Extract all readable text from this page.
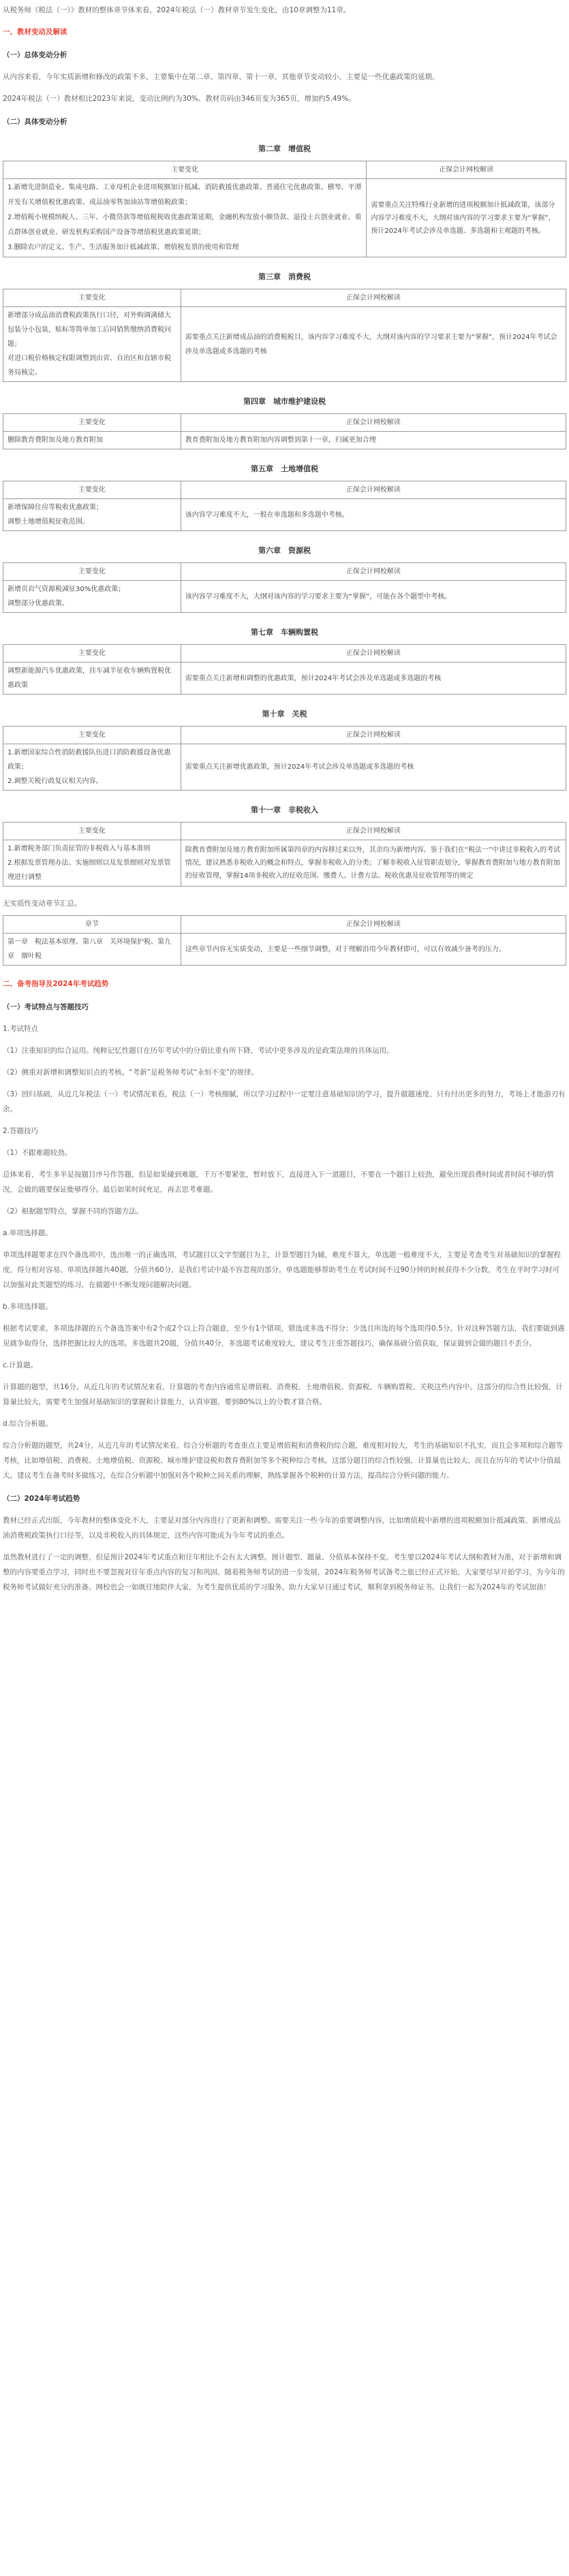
从税务师《税法（一）》教材的整体章节体来看，2024年税法（一）教材章节发生变化，由10章调整为11章。

一、教材变动及解读

（一）总体变动分析

从内容来看，今年实质新增和修改的政策不多，主要集中在第二章、第四章、第十一章，其他章节变动较小，主要是一些优惠政策的延期。

2024年税法（一）教材相比2023年来说，变动比例约为30%。教材页码由346页变为365页，增加约5.49%。

（二）具体变动分析

第二章　增值税
主要变化	正保会计网校解读
1.新增先进制造业、集成电路、工业母机企业进项税额加计抵减、消防救援优惠政策、普通住宅优惠政策、横琴、平潭开发有关增值税优惠政策、成品油零售加油站等增值税政策；
2.增值税小规模纳税人、三年、小微贷款等增值税税收优惠政策延期，金融机构发放小额贷款、退役士兵创业就业、重点群体创业就业、研发机构采购国产设备等增值税优惠政策延期；
3.删除农户的定义、生产、生活服务加计抵减政策、增值税发票的使用和管理	需要重点关注特殊行业新增的进项税额加计抵减政策，该部分内容学习难度不大，大纲对该内容的学习要求主要为“掌握”，预计2024年考试会涉及单选题、多选题和主观题的考核。
第三章　消费税
主要变化	正保会计网校解读
新增部分成品油消费税政策执行口径，对外购调满储大包装分小包装，贴标等简单加工后同销售缴纳消费税问题；
对进口税价格核定权限调整到由省、自治区和直辖市税务局核定。	需要重点关注新增成品油的消费税税目，该内容学习难度不大，大纲对该内容的学习要求主要为“掌握”，预计2024年考试会涉及单选题或多选题的考核
第四章　城市维护建设税
主要变化	正保会计网校解读
删除教育费附加及地方教育附加	教育费附加及地方教育附加内容调整到第十一章，归属更加合理
第五章　土地增值税
主要变化	正保会计网校解读
新增保障住房等税收优惠政策；
调整土地增值税征收范围。	该内容学习难度不大，一般在单选题和多选题中考核。
第六章　资源税
主要变化	正保会计网校解读
新增页岩气资源税减征30%优惠政策；
调整部分优惠政策。	该内容学习难度不大，大纲对该内容的学习要求主要为“掌握”，可能在各个题型中考核。
第七章　车辆购置税
主要变化	正保会计网校解读
调整新能源汽车优惠政策，挂车减半征收车辆购置税优惠政策	需要重点关注新增和调整的优惠政策，预计2024年考试会涉及单选题或多选题的考核
第十章　关税
主要变化	正保会计网校解读
1.新增国家综合性消防救援队伍进口消防救援设备优惠政策；
2.调整关税行政复议相关内容。	需要重点关注新增优惠政策，预计2024年考试会涉及单选题或多选题的考核
第十一章　非税收入
主要变化	正保会计网校解读
1.新增税务部门负责征管的非税收入与基本准则
2.根据发票管理办法、实施细则以及发票细则对发票管理进行调整	除教育费附加及地方教育附加所属第四章的内容移过来以外，其余均为新增内容。鉴于我们在“税法一”中讲过非税收入的考试情况，建议熟悉非税收入的概念和特点，掌握非税收入的分类；了解非税收入征管职责划分，掌握教育费附加与地方教育附加的征收管理，掌握14项非税收入的征收范围、缴费人、计费方法、税收优惠及征收管理等的规定

无实质性变动章节汇总。

章节	正保会计网校解读
第一章　税法基本原理、第八章　关环境保护税、第九章　烟叶税	这些章节内容无实质变动，主要是一些细节调整，对于理解沿用今年教材即可，可以有效减少备考的压力。

二、备考指导及2024年考试趋势

（一）考试特点与答题技巧

1.考试特点

（1）注重知识的综合运用。纯粹记忆性题目在历年考试中的分值比重有所下降，考试中更多涉及的是政策法规的具体运用。

（2）侧重对新增和调整知识点的考核。“考新”是税务师考试“永恒不变”的规律。

（3）回归基础，从近几年税法（一）考试情况来看，税法（一）考核细腻，所以学习过程中一定要注意基础知识的学习，提升做题速度，只有付出更多的努力，考场上才能游刃有余。

2.答题技巧

（1）不跟难题较劲。

总体来看，考生多半是按题目序号作答题，但是如果碰到难题，千万不要紧张，暂时放下，直接进入下一道题目，不要在一个题目上较劲，避免出现浪费时间或者时间不够的情况，会做的题要保证能够得分。最后如果时间充足，再去思考难题。

（2）根据题型特点，掌握不同的答题方法。

a.单项选择题。

单项选择题要求在四个备选项中，选出唯一的正确选项，考试题目以文字型题目为主，计算型题目为辅，难度不算大，单选题一般难度不大，主要是考查考生对基础知识的掌握程度，得分相对容易。单项选择题共40题，分值共60分，是我们考试中最不容忽视的部分。单选题能够帮助考生在考试时间不过90分钟的时候获得不少分数，考生在平时学习时可以加强对此类题型的练习，在做题中不断发现问题解决问题。

b.多项选择题。

根据考试要求，多项选择题的五个备选答案中有2个或2个以上符合题意，至少有1个错项，错选或多选不得分；少选且所选的每个选项得0.5分。针对这种答题方法，我们要做到遇见就争取得分，选择把握比较大的选项。多选题共20题，分值共40分，多选题考试难度较大，建议考生注重答题技巧，确保基础分值获取，保证做到会做的题目不丢分。

c.计算题。

计算题的题型，共16分。从近几年的考试情况来看，计算题的考查内容通常是增值税、消费税、土地增值税、资源税、车辆购置税、关税这些内容中。这部分的综合性比较强，计算量比较大，需要考生加强对基础知识的掌握和计算能力，认真审题，要到80%以上的分数才算合格。

d.综合分析题。

综合分析题的题型，共24分。从近几年的考试情况来看，综合分析题的考查重点主要是增值税和消费税的综合题，难度相对较大，考生的基础知识不扎实，而且会多项和综合题等考核，比如增值税、消费税、土地增值税、资源税、城市维护建设税和教育费附加等多个税种综合考核。这部分题目的综合性较强，计算量也比较大，而且在历年的考试中分值最大。建议考生在备考时多做练习，在综合分析题中加强对各个税种之间关系的理解，熟练掌握各个税种的计算方法，提高综合分析问题的能力。

（二）2024年考试趋势

教材已经正式出版，今年教材的整体变化不大，主要是对部分内容进行了更新和调整。需要关注一些今年的重要调整内容，比如增值税中新增的进项税额加计抵减政策、新增成品油消费税政策执行口径等，以及非税收入的具体规定，这些内容可能成为今年考试的重点。

虽然教材进行了一定的调整，但是预计2024年考试重点和往年相比不会有太大调整。预计题型、题量、分值基本保持不变。考生要以2024年考试大纲和教材为准，对于新增和调整的内容要重点学习，同时也不要忽视对往年重点内容的复习和巩固。随着税务师考试的进一步发展，2024年税务师考试备考之旅已经正式开始，大家要尽早开始学习，为今年的税务师考试做好充分的准备。网校也会一如既往地陪伴大家，为考生提供优质的学习服务，助力大家早日通过考试，顺利拿到税务师证书。让我们一起为2024年的考试加油！
